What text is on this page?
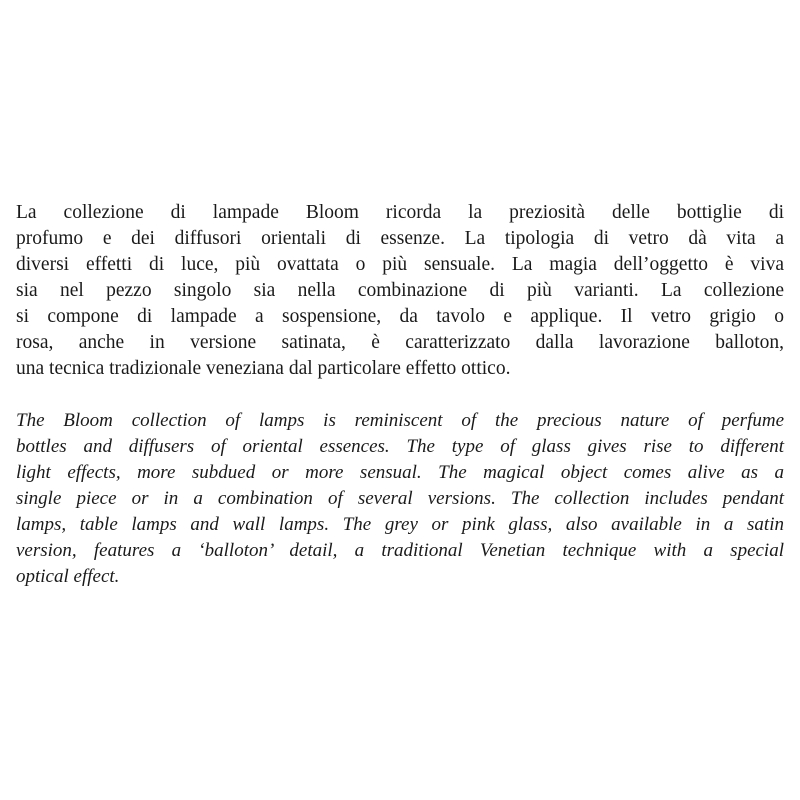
La collezione di lampade Bloom ricorda la preziosità delle bottiglie di
profumo e dei diffusori orientali di essenze. La tipologia di vetro dà vita a
diversi effetti di luce, più ovattata o più sensuale. La magia dell’oggetto è viva
sia nel pezzo singolo sia nella combinazione di più varianti. La collezione
si compone di lampade a sospensione, da tavolo e applique. Il vetro grigio o
rosa, anche in versione satinata, è caratterizzato dalla lavorazione balloton,
una tecnica tradizionale veneziana dal particolare effetto ottico.

The Bloom collection of lamps is reminiscent of the precious nature of perfume
bottles and diffusers of oriental essences. The type of glass gives rise to different
light effects, more subdued or more sensual. The magical object comes alive as a
single piece or in a combination of several versions. The collection includes pendant
lamps, table lamps and wall lamps. The grey or pink glass, also available in a satin
version, features a ‘balloton’ detail, a traditional Venetian technique with a special
optical effect.
